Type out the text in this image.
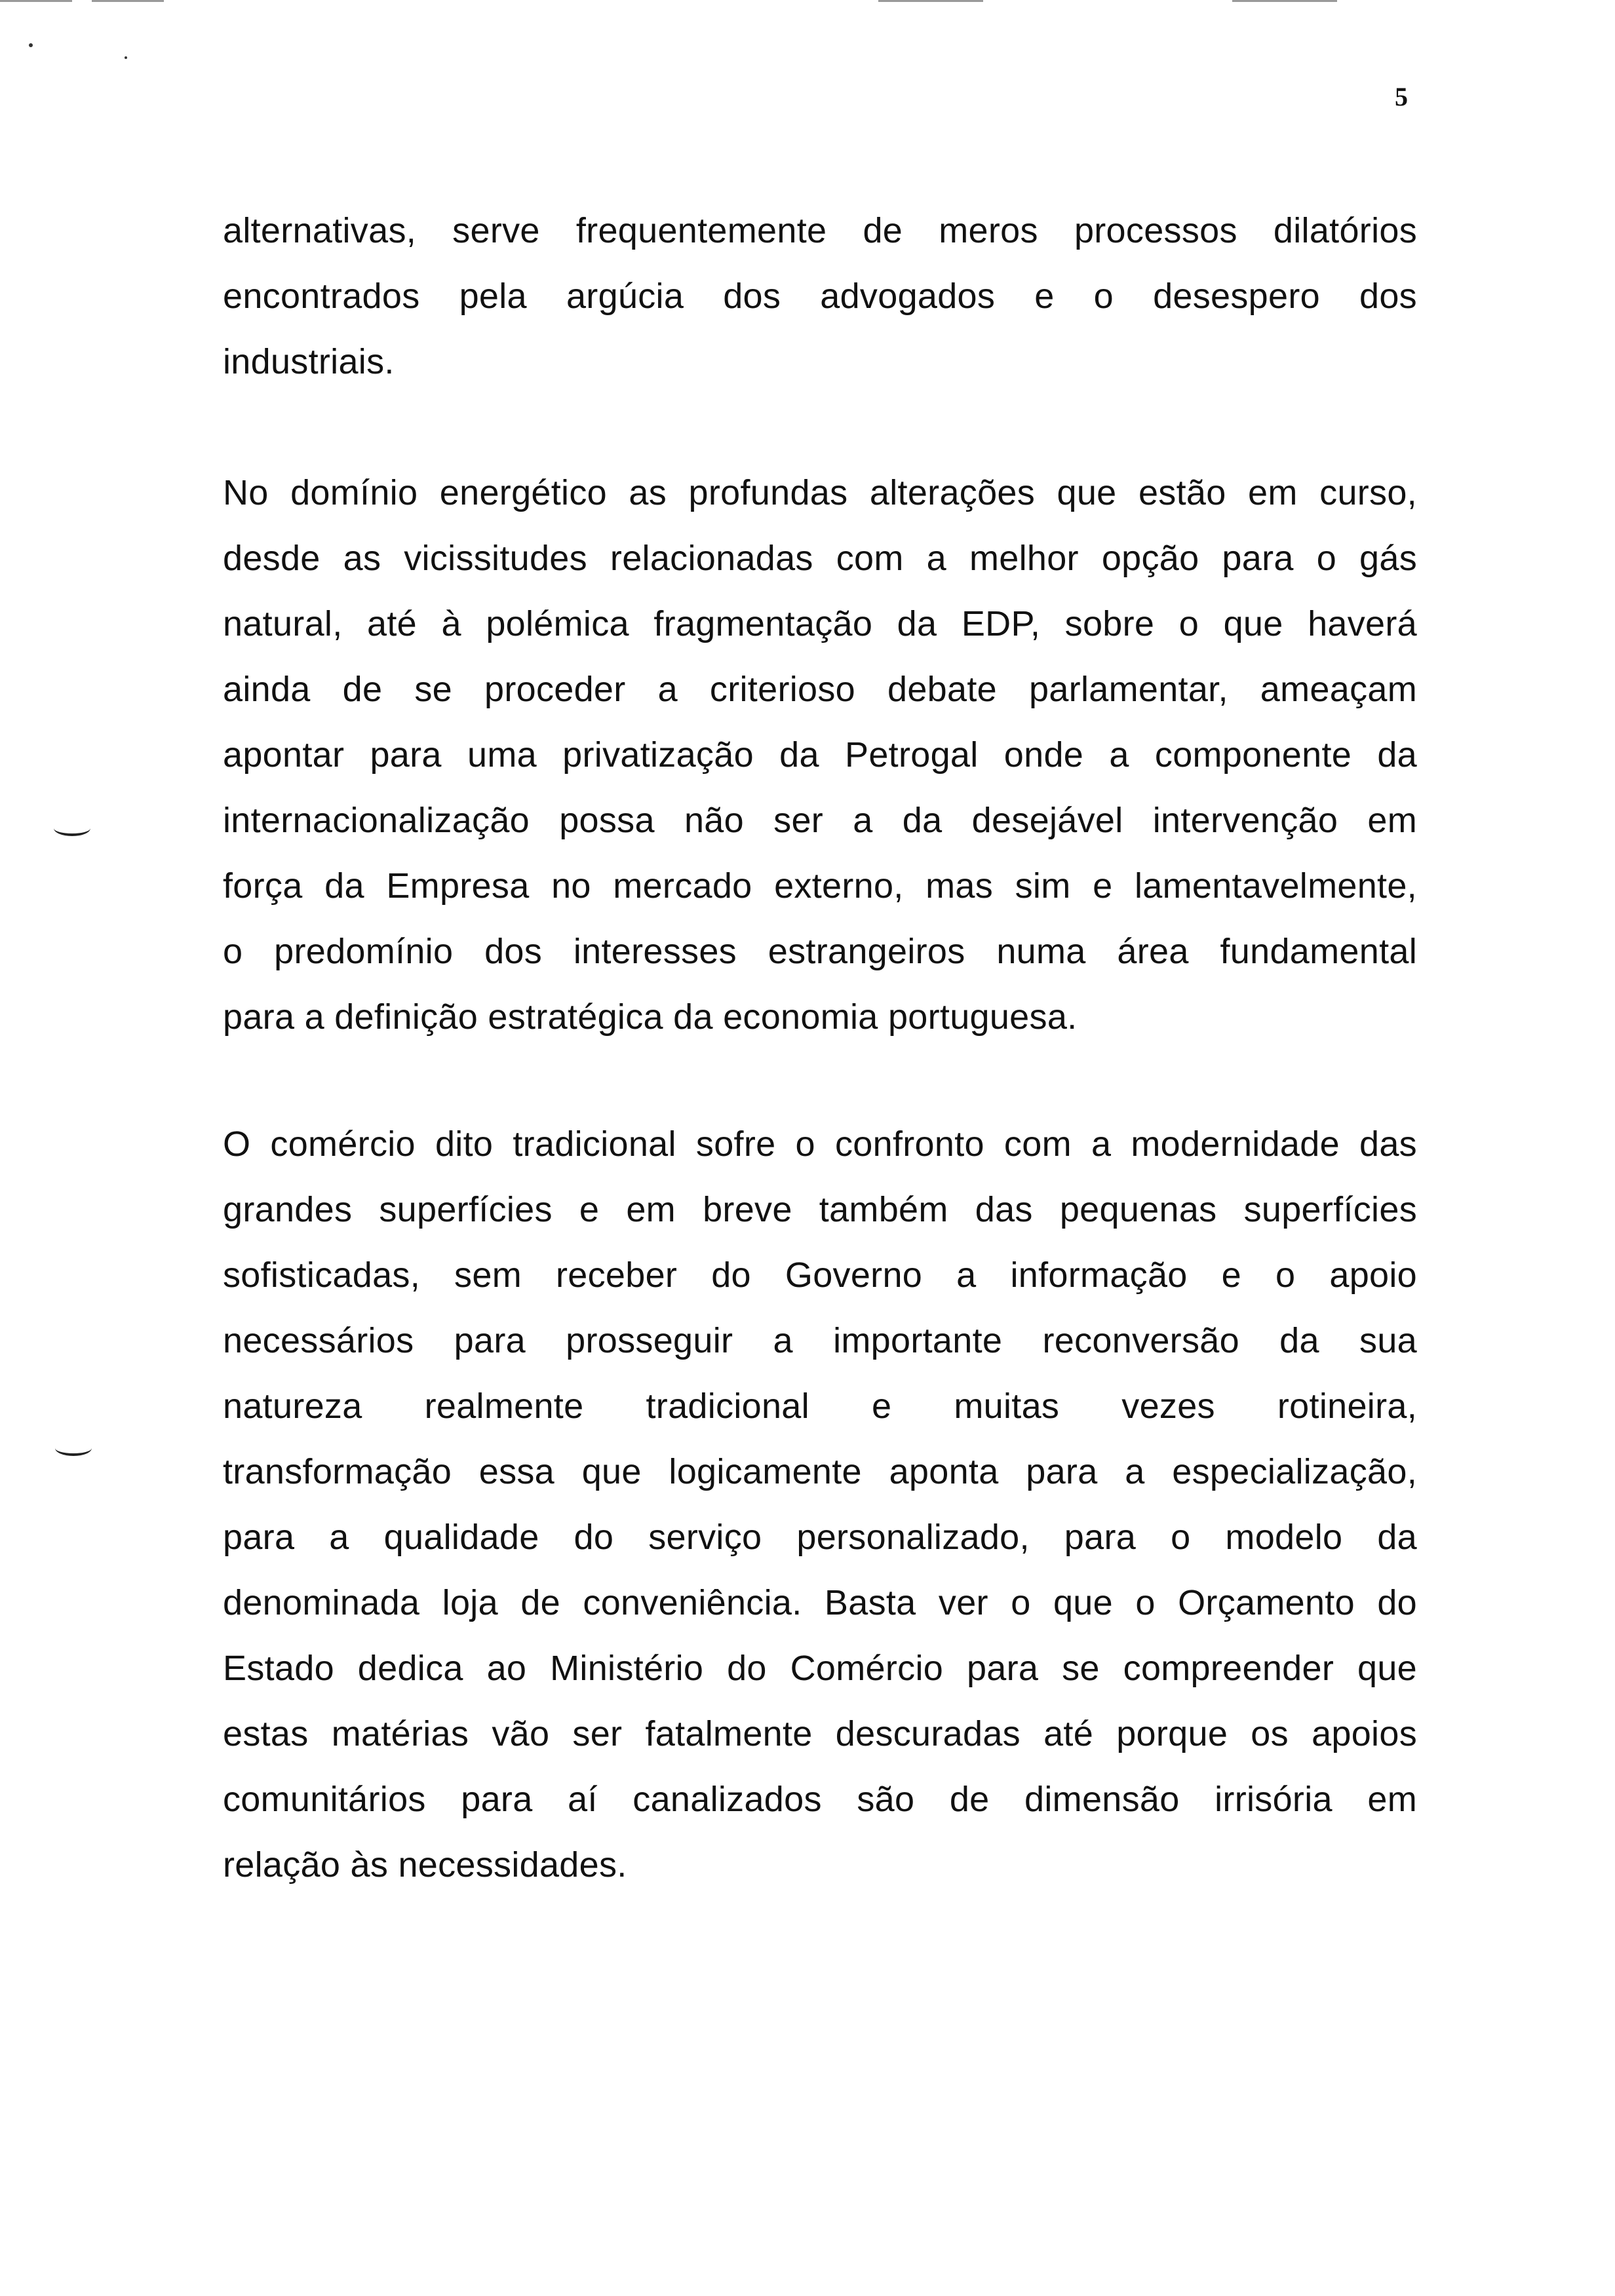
5
alternativas, serve frequentemente de meros processos dilatórios
encontrados pela argúcia dos advogados e o desespero dos
industriais.
No domínio energético as profundas alterações que estão em curso,
desde as vicissitudes relacionadas com a melhor opção para o gás
natural, até à polémica fragmentação da EDP, sobre o que haverá
ainda de se proceder a criterioso debate parlamentar, ameaçam
apontar para uma privatização da Petrogal onde a componente da
internacionalização possa não ser a da desejável intervenção em
força da Empresa no mercado externo, mas sim e lamentavelmente,
o predomínio dos interesses estrangeiros numa área fundamental
para a definição estratégica da economia portuguesa.
O comércio dito tradicional sofre o confronto com a modernidade das
grandes superfícies e em breve também das pequenas superfícies
sofisticadas, sem receber do Governo a informação e o apoio
necessários para prosseguir a importante reconversão da sua
natureza realmente tradicional e muitas vezes rotineira,
transformação essa que logicamente aponta para a especialização,
para a qualidade do serviço personalizado, para o modelo da
denominada loja de conveniência. Basta ver o que o Orçamento do
Estado dedica ao Ministério do Comércio para se compreender que
estas matérias vão ser fatalmente descuradas até porque os apoios
comunitários para aí canalizados são de dimensão irrisória em
relação às necessidades.
